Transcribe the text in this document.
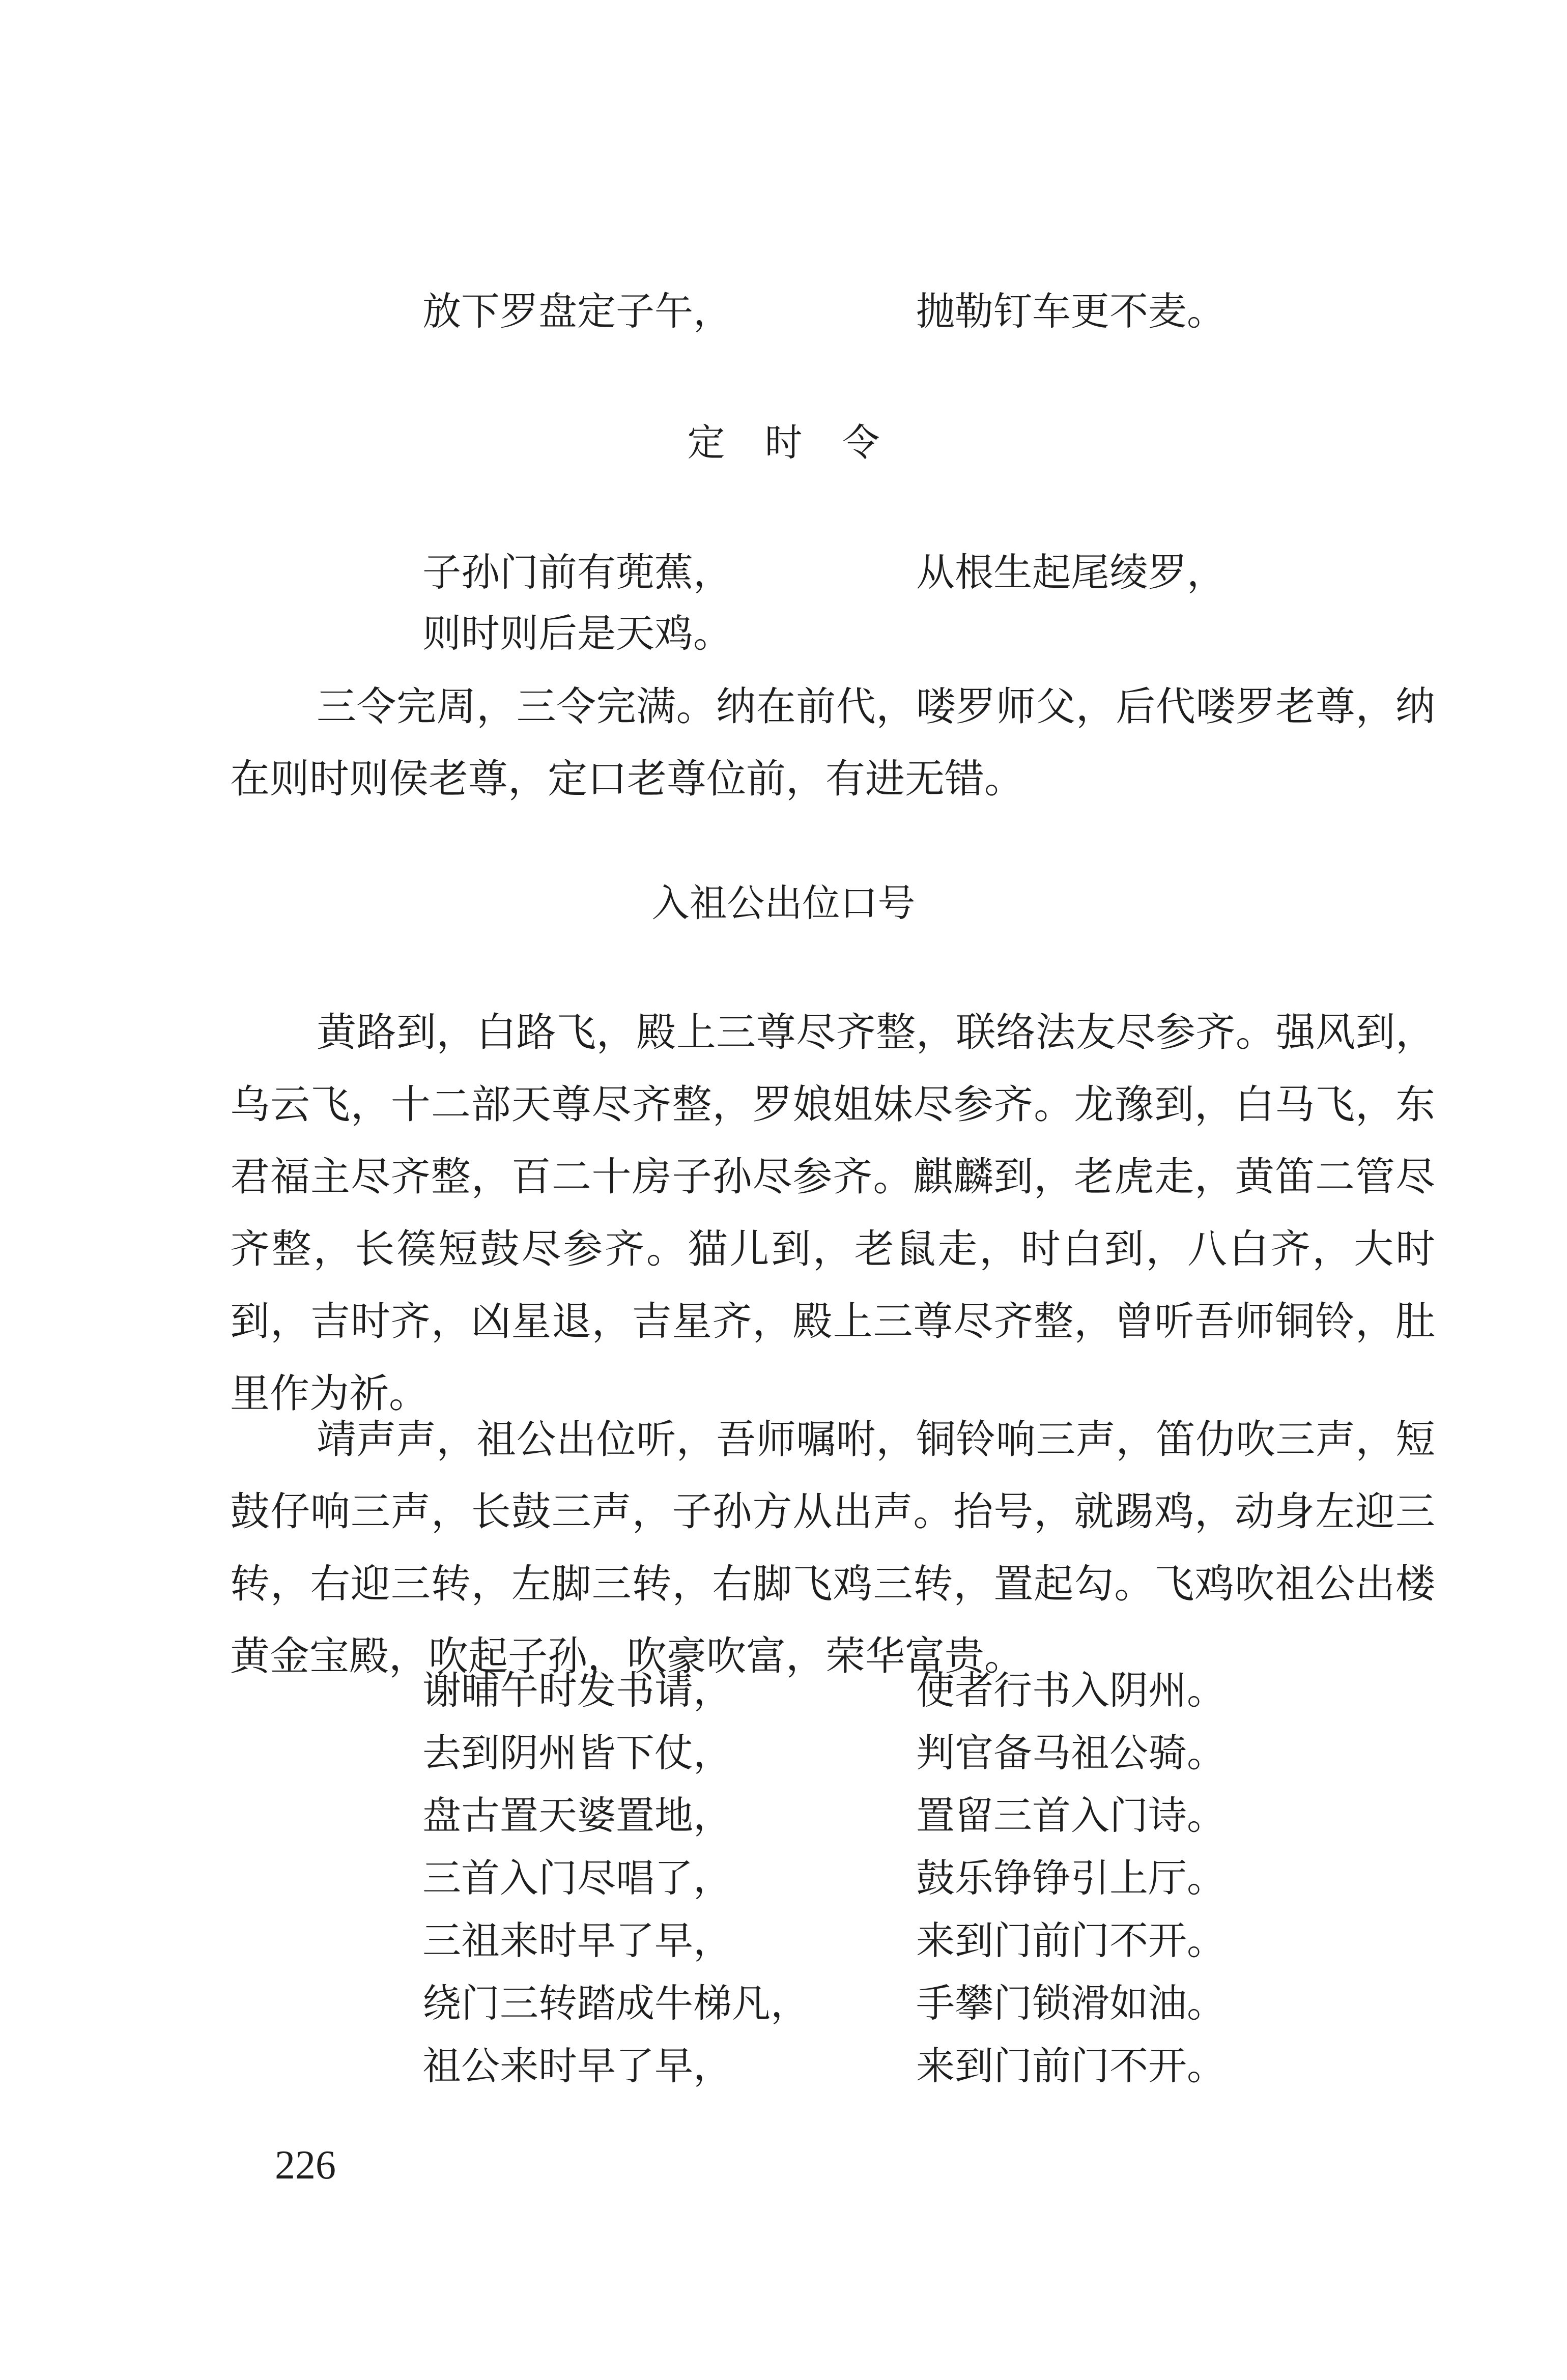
放下罗盘定子午，	抛勒钉车更不麦。
定时令
子孙门前有蔸蕉，	从根生起尾绫罗，
则时则后是天鸡。

三令完周，三令完满。纳在前代，喽罗师父，后代喽罗老尊，纳在则时则侯老尊，定口老尊位前，有进无错。

入祖公出位口号

黄路到，白路飞，殿上三尊尽齐整，联络法友尽参齐。强风到，乌云飞，十二部天尊尽齐整，罗娘姐妹尽参齐。龙豫到，白马飞，东君福主尽齐整，百二十房子孙尽参齐。麒麟到，老虎走，黄笛二管尽齐整，长篌短鼓尽参齐。猫儿到，老鼠走，时白到，八白齐，大时到，吉时齐，凶星退，吉星齐，殿上三尊尽齐整，曾听吾师铜铃，肚里作为祈。

靖声声，祖公出位听，吾师嘱咐，铜铃响三声，笛仂吹三声，短鼓仔响三声，长鼓三声，子孙方从出声。抬号，就踢鸡，动身左迎三转，右迎三转，左脚三转，右脚飞鸡三转，置起勾。飞鸡吹祖公出楼黄金宝殿，吹起子孙，吹豪吹富，荣华富贵。

谢晡午时发书请，	使者行书入阴州。
去到阴州皆下仗，	判官备马祖公骑。
盘古置天婆置地，	置留三首入门诗。
三首入门尽唱了，	鼓乐铮铮引上厅。
三祖来时早了早，	来到门前门不开。
绕门三转踏成牛梯凡，	手攀门锁滑如油。
祖公来时早了早，	来到门前门不开。
226
